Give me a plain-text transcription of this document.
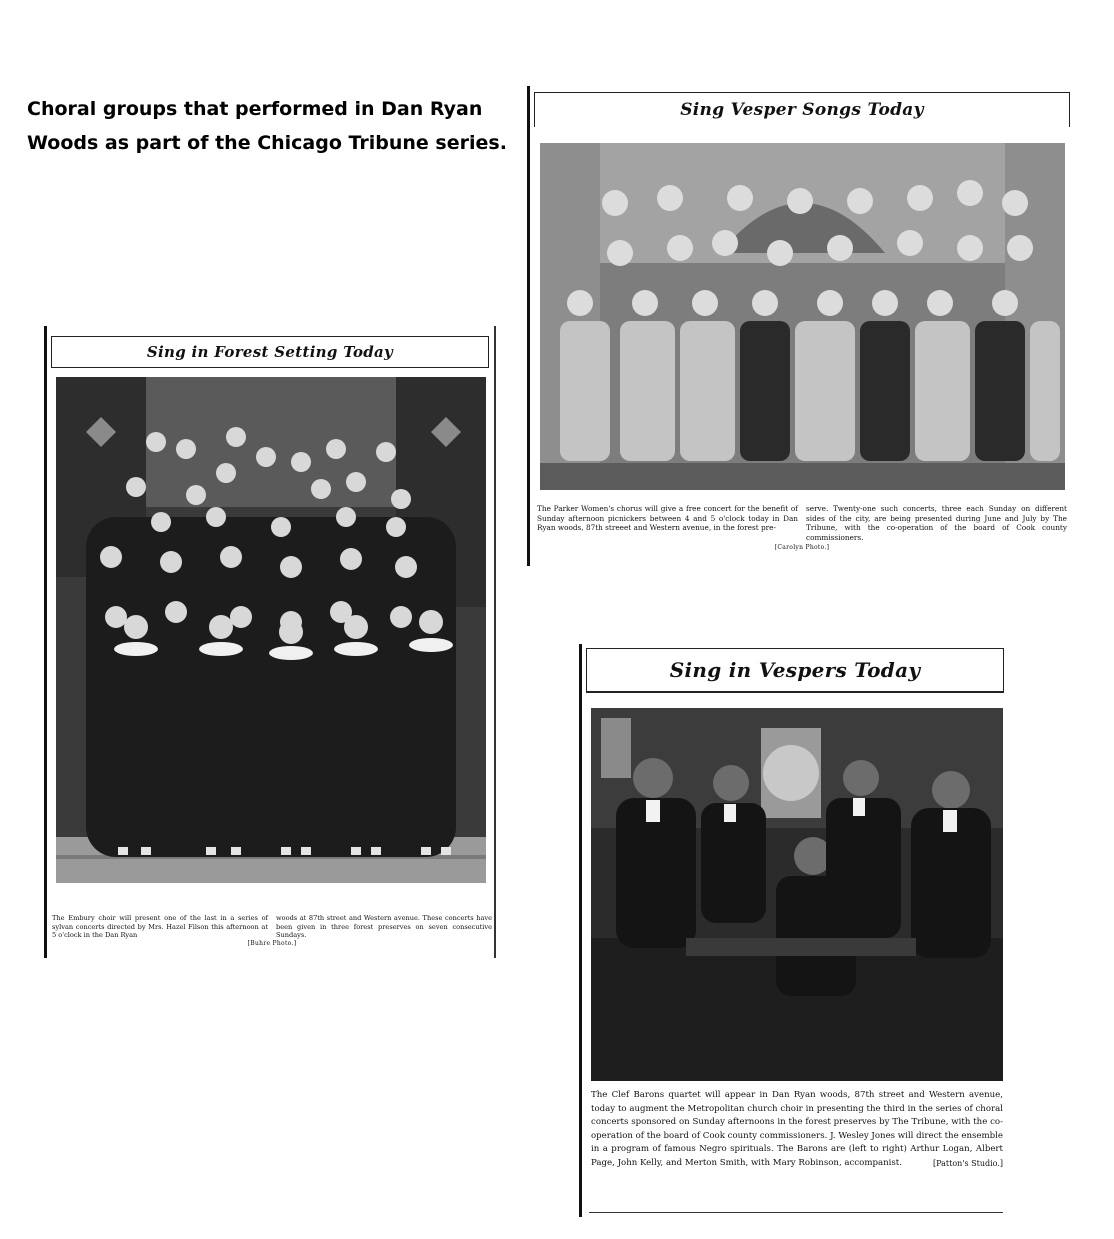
Choral groups that performed in Dan Ryan Woods as part of the Chicago Tribune series.
Sing in Forest Setting Today
The Embury choir will present one of the last in a series of sylvan concerts directed by Mrs. Hazel Filson this afternoon at 5 o'clock in the Dan Ryan
woods at 87th street and Western avenue. These concerts have been given in three forest preserves on seven consecutive Sundays.
[Buhre Photo.]
Sing Vesper Songs Today
The Parker Women's chorus will give a free concert for the benefit of Sunday afternoon picnickers between 4 and 5 o'clock today in Dan Ryan woods, 87th streeet and Western avenue, in the forest pre-
serve. Twenty-one such concerts, three each Sunday on different sides of the city, are being presented during June and July by The Tribune, with the co-operation of the board of Cook county commissioners.
[Carolyn Photo.]
Sing in Vespers Today
The Clef Barons quartet will appear in Dan Ryan woods, 87th street and Western avenue, today to augment the Metropolitan church choir in presenting the third in the series of choral concerts sponsored on Sunday afternoons in the forest preserves by The Tribune, with the co-operation of the board of Cook county commissioners. J. Wesley Jones will direct the ensemble in a program of famous Negro spirituals. The Barons are (left to right) Arthur Logan, Albert Page, John Kelly, and Merton Smith, with Mary Robinson, accompanist.	[Patton's Studio.]
